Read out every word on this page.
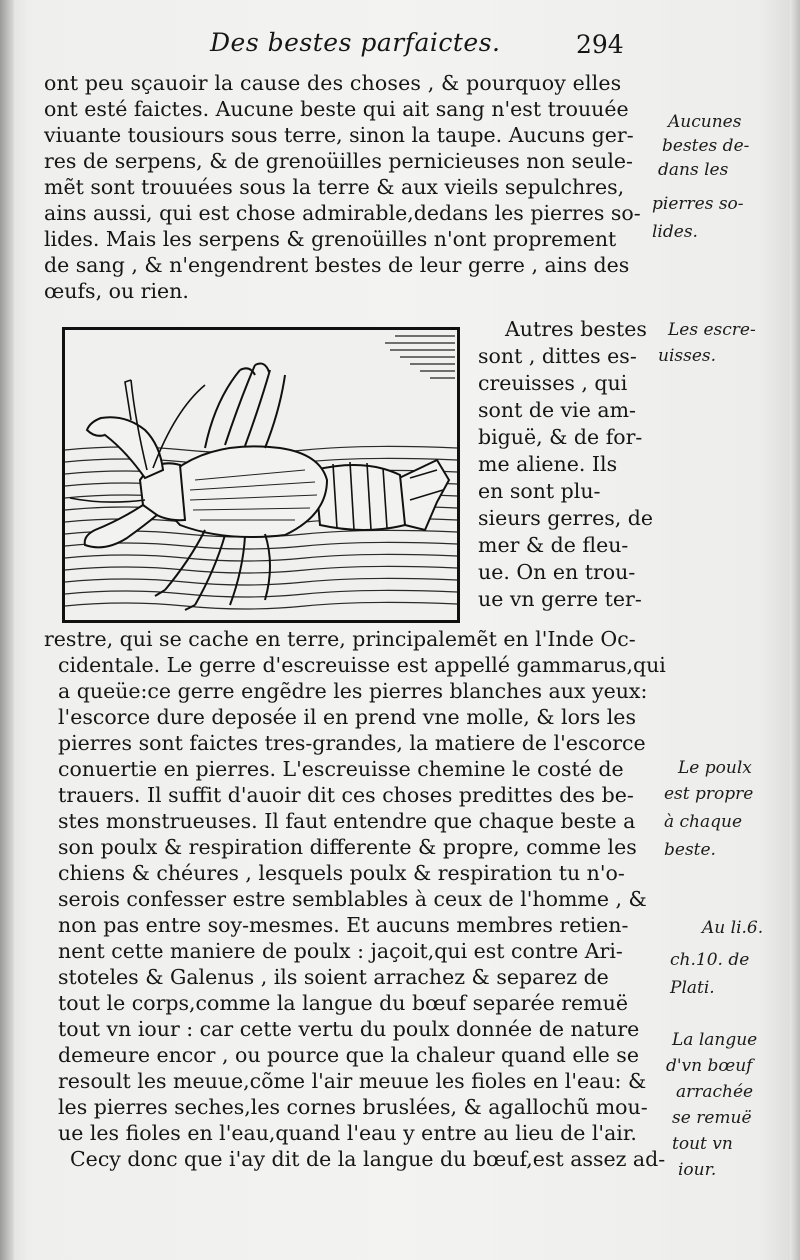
Des bestes parfaictes.	294
ont peu sçauoir la cause des choses , & pourquoy elles
ont esté faictes. Aucune beste qui ait sang n'est trouuée
viuante tousiours sous terre, sinon la taupe. Aucuns ger-
res de serpens, & de grenoüilles pernicieuses non seule-
mẽt sont trouuées sous la terre & aux vieils sepulchres,
ains aussi, qui est chose admirable,dedans les pierres so-
lides. Mais les serpens & grenoüilles n'ont proprement
de sang , & n'engendrent bestes de leur gerre , ains des
œufs, ou rien.
Autres bestes
sont , dittes es-
creuisses , qui
sont de vie am-
biguë, & de for-
me aliene. Ils
en sont plu-
sieurs gerres, de
mer & de fleu-
ue. On en trou-
ue vn gerre ter-
restre, qui se cache en terre, principalemẽt en l'Inde Oc-
cidentale. Le gerre d'escreuisse est appellé gammarus,qui
a queüe:ce gerre engẽdre les pierres blanches aux yeux:
l'escorce dure deposée il en prend vne molle, & lors les
pierres sont faictes tres-grandes, la matiere de l'escorce
conuertie en pierres. L'escreuisse chemine le costé de
trauers. Il suffit d'auoir dit ces choses predittes des be-
stes monstrueuses. Il faut entendre que chaque beste a
son poulx & respiration differente & propre, comme les
chiens & chéures , lesquels poulx & respiration tu n'o-
serois confesser estre semblables à ceux de l'homme , &
non pas entre soy-mesmes. Et aucuns membres retien-
nent cette maniere de poulx : jaçoit,qui est contre Ari-
stoteles & Galenus , ils soient arrachez & separez de
tout le corps,comme la langue du bœuf separée remuë
tout vn iour : car cette vertu du poulx donnée de nature
demeure encor , ou pource que la chaleur quand elle se
resoult les meuue,cõme l'air meuue les fioles en l'eau: &
les pierres seches,les cornes bruslées, & agallochũ mou-
ue les fioles en l'eau,quand l'eau y entre au lieu de l'air.
Cecy donc que i'ay dit de la langue du bœuf,est assez ad-
Aucunes
bestes de-
dans les
pierres so-
lides.
Les escre-
uisses.
Le poulx
est propre
à chaque
beste.
Au li.6.
ch.10. de
Plati.
La langue
d'vn bœuf
arrachée
se remuë
tout vn
iour.
